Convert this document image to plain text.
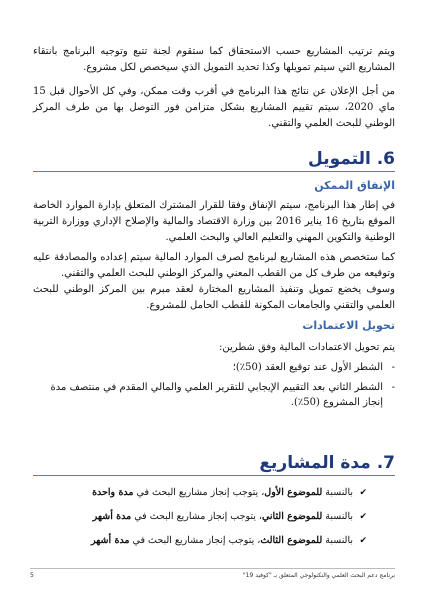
ويتم ترتيب المشاريع حسب الاستحقاق كما ستقوم لجنة تتبع وتوجيه البرنامج بانتقاء المشاريع التي سيتم تمويلها وكذا تحديد التمويل الذي سيخصص لكل مشروع.

من أجل الإعلان عن نتائج هذا البرنامج في أقرب وقت ممكن، وفي كل الأحوال قبل 15 ماي 2020، سيتم تقييم المشاريع بشكل متزامن فور التوصل بها من طرف المركز الوطني للبحث العلمي والتقني.

6. التمويل
الإنفاق الممكن

في إطار هذا البرنامج، سيتم الإنفاق وفقا للقرار المشترك المتعلق بإدارة الموارد الخاصة الموقع بتاريخ 16 يناير 2016 بين وزارة الاقتصاد والمالية والإصلاح الإداري ووزارة التربية الوطنية والتكوين المهني والتعليم العالي والبحث العلمي.

كما ستخصص هذه المشاريع لبرنامج لصرف الموارد المالية سيتم إعداده والمصادقة عليه وتوقيعه من طرف كل من القطب المعني والمركز الوطني للبحث العلمي والتقني.

وسوف يخضع تمويل وتنفيذ المشاريع المختارة لعقد مبرم بين المركز الوطني للبحث العلمي والتقني والجامعات المكونة للقطب الحامل للمشروع.

تحويل الاعتمادات

يتم تحويل الاعتمادات المالية وفق شطرين:

-
الشطر الأول عند توقيع العقد (50٪)؛

-
الشطر الثاني بعد التقييم الإيجابي للتقرير العلمي والمالي المقدم في منتصف مدة إنجاز المشروع (50٪).

7. مدة المشاريع
✔
بالنسبة للموضوع الأول، يتوجب إنجاز مشاريع البحث في مدة واحدة
✔
بالنسبة للموضوع الثاني، يتوجب إنجاز مشاريع البحث في مدة أشهر
✔
بالنسبة للموضوع الثالث، يتوجب إنجاز مشاريع البحث في مدة أشهر
برنامج دعم البحث العلمي والتكنولوجي المتعلق بـ "كوفيد 19"
5
